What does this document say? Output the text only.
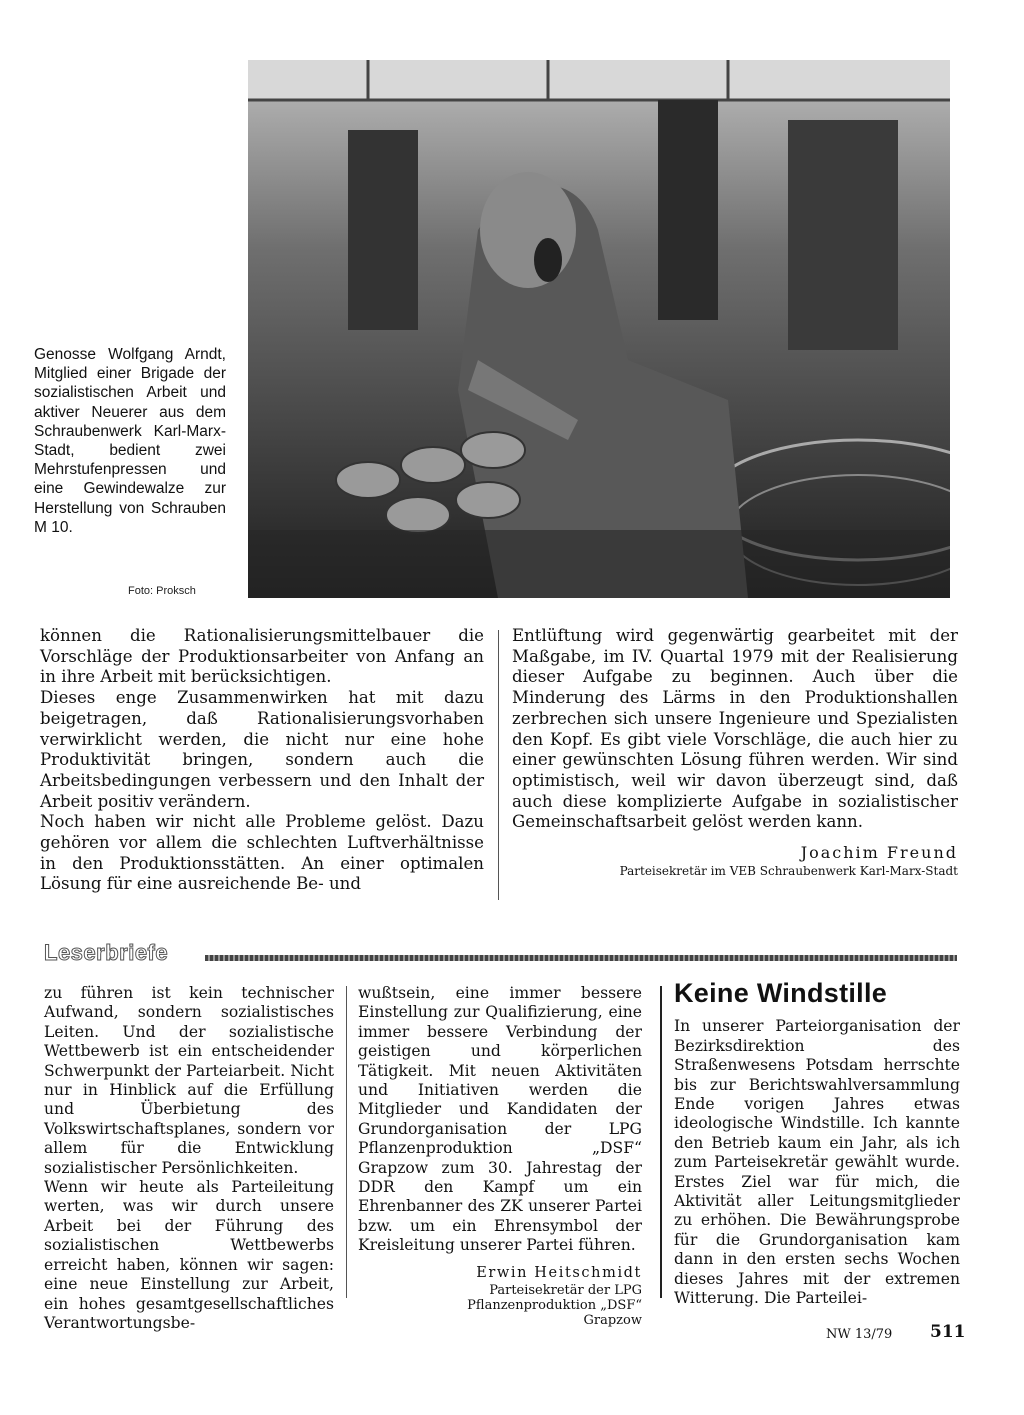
Genosse Wolfgang Arndt, Mitglied einer Brigade der sozialistischen Arbeit und aktiver Neuerer aus dem Schraubenwerk Karl-Marx-Stadt, bedient zwei Mehrstufenpressen und eine Gewindewalze zur Herstellung von Schrauben M 10.
Foto: Proksch

können die Rationalisierungsmittelbauer die Vorschläge der Produktionsarbeiter von Anfang an in ihre Arbeit mit berücksichtigen.

Dieses enge Zusammenwirken hat mit dazu beigetragen, daß Rationalisierungsvorhaben verwirklicht werden, die nicht nur eine hohe Produktivität bringen, sondern auch die Arbeitsbedingungen verbessern und den Inhalt der Arbeit positiv verändern.

Noch haben wir nicht alle Probleme gelöst. Dazu gehören vor allem die schlechten Luftverhältnisse in den Produktionsstätten. An einer optimalen Lösung für eine ausreichende Be- und

Entlüftung wird gegenwärtig gearbeitet mit der Maßgabe, im IV. Quartal 1979 mit der Realisierung dieser Aufgabe zu beginnen. Auch über die Minderung des Lärms in den Produktionshallen zerbrechen sich unsere Ingenieure und Spezialisten den Kopf. Es gibt viele Vorschläge, die auch hier zu einer gewünschten Lösung führen werden. Wir sind optimistisch, weil wir davon überzeugt sind, daß auch diese komplizierte Aufgabe in sozialistischer Gemeinschaftsarbeit gelöst werden kann.

Joachim Freund
Parteisekretär im VEB Schraubenwerk Karl-Marx-Stadt
Leserbriefe

zu führen ist kein technischer Aufwand, sondern sozialistisches Leiten. Und der sozialistische Wettbewerb ist ein entscheidender Schwerpunkt der Parteiarbeit. Nicht nur in Hinblick auf die Erfüllung und Überbietung des Volkswirtschaftsplanes, sondern vor allem für die Entwicklung sozialistischer Persönlichkeiten.

Wenn wir heute als Parteileitung werten, was wir durch unsere Arbeit bei der Führung des sozialistischen Wettbewerbs erreicht haben, können wir sagen: eine neue Einstellung zur Arbeit, ein hohes gesamtgesellschaftliches Verantwortungsbe-

wußtsein, eine immer bessere Einstellung zur Qualifizierung, eine immer bessere Verbindung der geistigen und körperlichen Tätigkeit. Mit neuen Aktivitäten und Initiativen werden die Mitglieder und Kandidaten der Grundorganisation der LPG Pflanzenproduktion „DSF“ Grapzow zum 30. Jahrestag der DDR den Kampf um ein Ehrenbanner des ZK unserer Partei bzw. um ein Ehrensymbol der Kreisleitung unserer Partei führen.

Erwin Heitschmidt
Parteisekretär der LPG
Pflanzenproduktion „DSF“
Grapzow
Keine Windstille

In unserer Parteiorganisation der Bezirksdirektion des Straßenwesens Potsdam herrschte bis zur Berichtswahlversammlung Ende vorigen Jahres etwas ideologische Windstille. Ich kannte den Betrieb kaum ein Jahr, als ich zum Parteisekretär gewählt wurde. Erstes Ziel war für mich, die Aktivität aller Leitungsmitglieder zu erhöhen. Die Bewährungsprobe für die Grundorganisation kam dann in den ersten sechs Wochen dieses Jahres mit der extremen Witterung. Die Parteilei-

NW 13/79 511
